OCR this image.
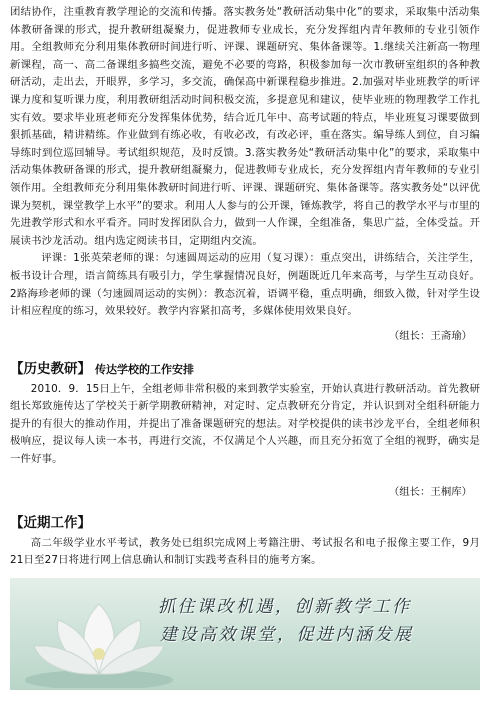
团结协作，注重教育教学理论的交流和传播。落实教务处“教研活动集中化”的要求，采取集中活动集体教研备课的形式，提升教研组凝聚力，促进教师专业成长，充分发挥组内青年教师的专业引领作用。全组教师充分利用集体教研时间进行听、评课、课题研究、集体备课等。1.继续关注新高一物理新课程，高一、高二备课组多搞些交流，避免不必要的弯路，积极参加每一次市教研室组织的各种教研活动，走出去，开眼界，多学习，多交流，确保高中新课程稳步推进。2.加强对毕业班教学的听评课力度和复听课力度，利用教研组活动时间积极交流，多提意见和建议，使毕业班的物理教学工作扎实有效。要求毕业班老师充分发挥集体优势，结合近几年中、高考试题的特点，毕业班复习课要做到狠抓基础，精讲精练。作业做到有练必收，有收必改，有改必评，重在落实。编导练人到位，自习编导练时到位巡回辅导。考试组织规范，及时反馈。3.落实教务处“教研活动集中化”的要求，采取集中活动集体教研备课的形式，提升教研组凝聚力，促进教师专业成长，充分发挥组内青年教师的专业引领作用。全组教师充分利用集体教研时间进行听、评课、课题研究、集体备课等。落实教务处“以评优课为契机，课堂教学上水平”的要求。利用人人参与的公开课，锤炼教学，将自己的教学水平与市里的先进教学形式和水平看齐。同时发挥团队合力，做到一人作课，全组准备，集思广益，全体受益。开展读书沙龙活动。组内选定阅读书目，定期组内交流。

评课：1张英荣老师的课：匀速圆周运动的应用（复习课）：重点突出，讲练结合，关注学生，板书设计合理，语言简练具有吸引力，学生掌握情况良好，例题既近几年来高考，与学生互动良好。2路海珍老师的课（匀速圆周运动的实例）：教态沉着，语调平稳，重点明确，细致入微，针对学生设计相应程度的练习，效果较好。教学内容紧扣高考，多媒体使用效果良好。

（组长：王斋瑜）

【历史教研】 传达学校的工作安排

2010．9．15日上午，全组老师非常积极的来到教学实验室，开始认真进行教研活动。首先教研组长郑致施传达了学校关于新学期教研精神，对定时、定点教研充分肯定，并认识到对全组科研能力提升的有很大的推动作用，并提出了准备课题研究的想法。对学校提供的读书沙龙平台，全组老师积极响应，提议每人读一本书，再进行交流，不仅满足个人兴趣，而且充分拓宽了全组的视野，确实是一件好事。

（组长：王桐库）

【近期工作】

高二年级学业水平考试，教务处已组织完成网上考籍注册、考试报名和电子报像主要工作，9月21日至27日将进行网上信息确认和制订实践考查科目的施考方案。

抓住课改机遇，创新教学工作
建设高效课堂，促进内涵发展
